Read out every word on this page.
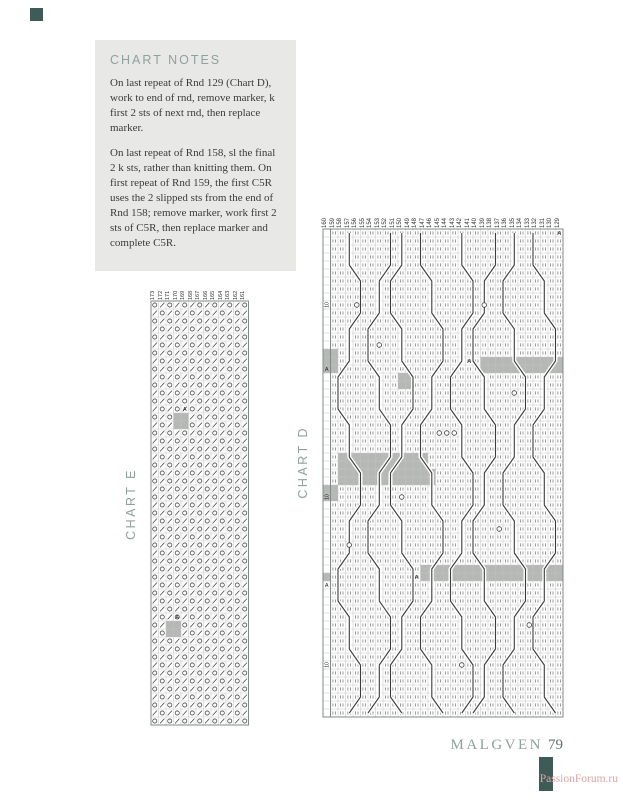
CHART NOTES

On last repeat of Rnd 129 (Chart D), work to end of rnd, remove marker, k first 2 sts of next rnd, then replace marker.

On last repeat of Rnd 158, sl the final 2 k sts, rather than knitting them. On first repeat of Rnd 159, the first C5R uses the 2 slipped sts from the end of Rnd 158; remove marker, work first 2 sts of C5R, then replace marker and complete C5R.

CHART E
173 172 171 170 169 168 167 166 165 164 163 162 161
A
A
CHART D
160 159 158 157 156 155 154 153 152 151 150 149 148 147 146 145 144 143 142 141 140 139 138 137 136 135 134 133 132 131 130 129
A
A
A
A
A
10
10
10
MALGVEN 79
PassionForum.ru
